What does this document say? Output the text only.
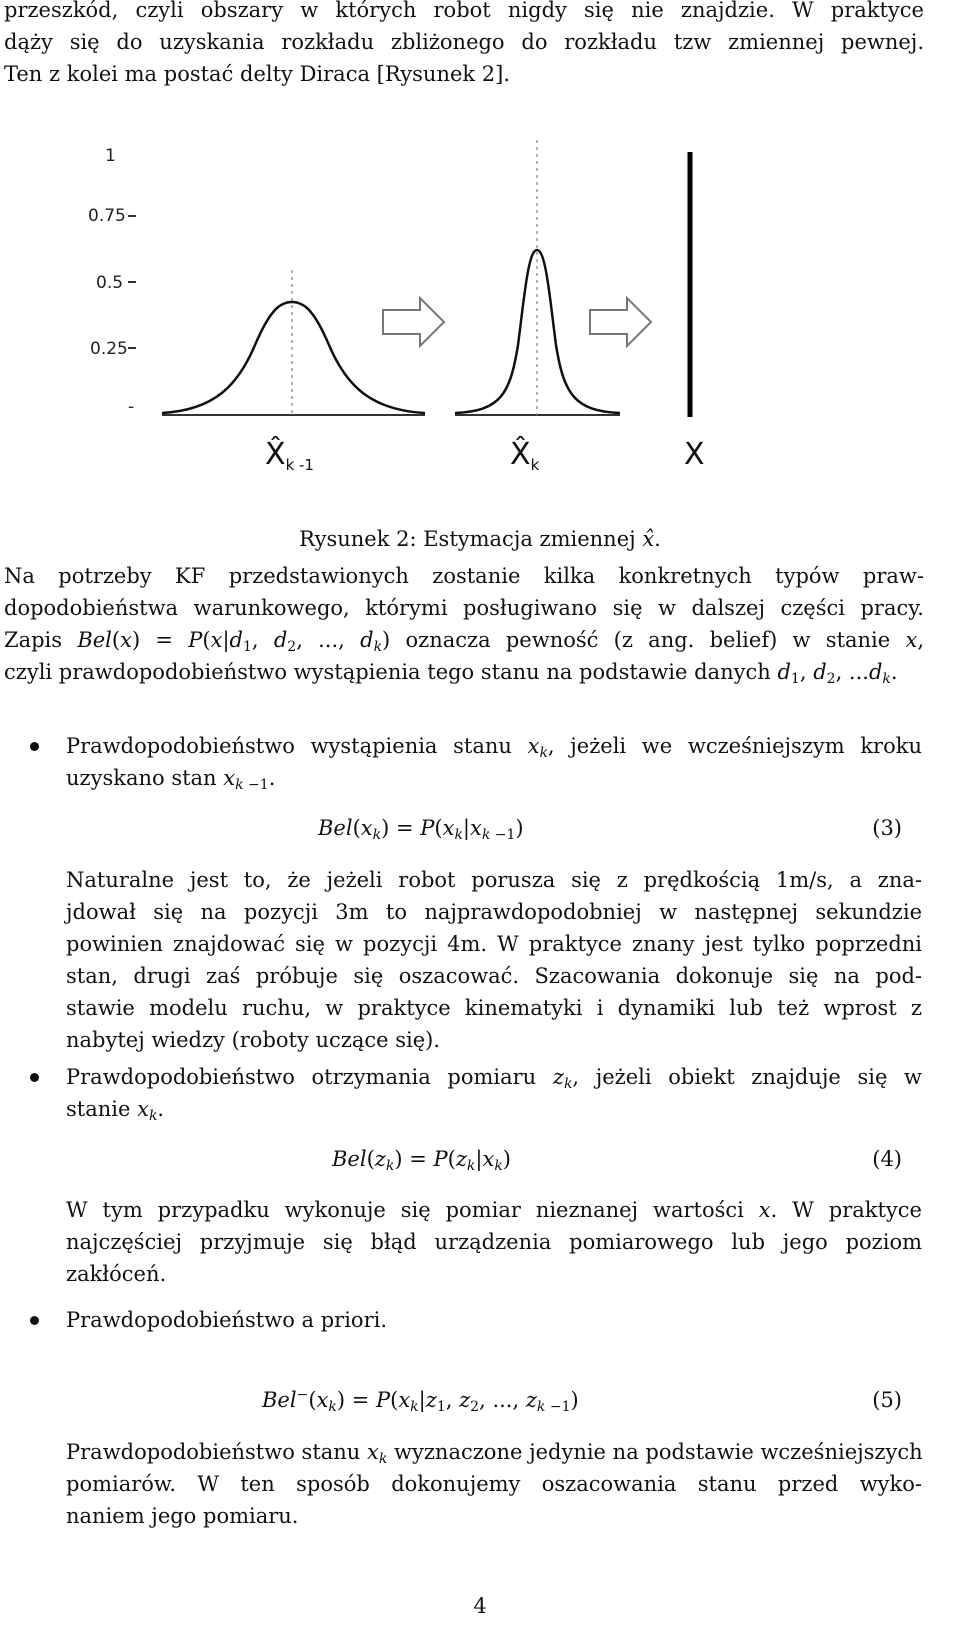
przeszkód, czyli obszary w których robot nigdy się nie znajdzie. W praktyce
dąży się do uzyskania rozkładu zbliżonego do rozkładu tzw zmiennej pewnej.
Ten z kolei ma postać delty Diraca [Rysunek 2].
1
0.75
0.5
0.25
-
$X̂_{k -1}$	$X̂_k$	X
Rysunek 2: Estymacja zmiennej x̂.
Na potrzeby KF przedstawionych zostanie kilka konkretnych typów praw-
dopodobieństwa warunkowego, którymi posługiwano się w dalszej części pracy.
Zapis $Bel(x) = P(x|d_1$, $d_2$, ..., $d_k$) oznacza pewność (z ang. belief) w stanie x,
czyli prawdopodobieństwo wystąpienia tego stanu na podstawie danych $d_1$, $d_2$, $...d_k$.
Prawdopodobieństwo wystąpienia stanu $x_k$, jeżeli we wcześniejszym kroku
uzyskano stan $x_{k -1}$.
$Bel(x_k) = P(x_k|x_{k -1})$	(3)
Naturalne jest to, że jeżeli robot porusza się z prędkością 1m/s, a zna-
jdował się na pozycji 3m to najprawdopodobniej w następnej sekundzie
powinien znajdować się w pozycji 4m. W praktyce znany jest tylko poprzedni
stan, drugi zaś próbuje się oszacować. Szacowania dokonuje się na pod-
stawie modelu ruchu, w praktyce kinematyki i dynamiki lub też wprost z
nabytej wiedzy (roboty uczące się).
Prawdopodobieństwo otrzymania pomiaru $z_k$, jeżeli obiekt znajduje się w
stanie $x_k$.
$Bel(z_k) = P(z_k|x_k)$	(4)
W tym przypadku wykonuje się pomiar nieznanej wartości x. W praktyce
najczęściej przyjmuje się błąd urządzenia pomiarowego lub jego poziom
zakłóceń.
Prawdopodobieństwo a priori.
$Bel^-(x_k) = P(x_k|z_1$, $z_2$, ..., $z_{k -1}$)	(5)
Prawdopodobieństwo stanu $x_k$ wyznaczone jedynie na podstawie wcześniejszych
pomiarów. W ten sposób dokonujemy oszacowania stanu przed wyko-
naniem jego pomiaru.
4
